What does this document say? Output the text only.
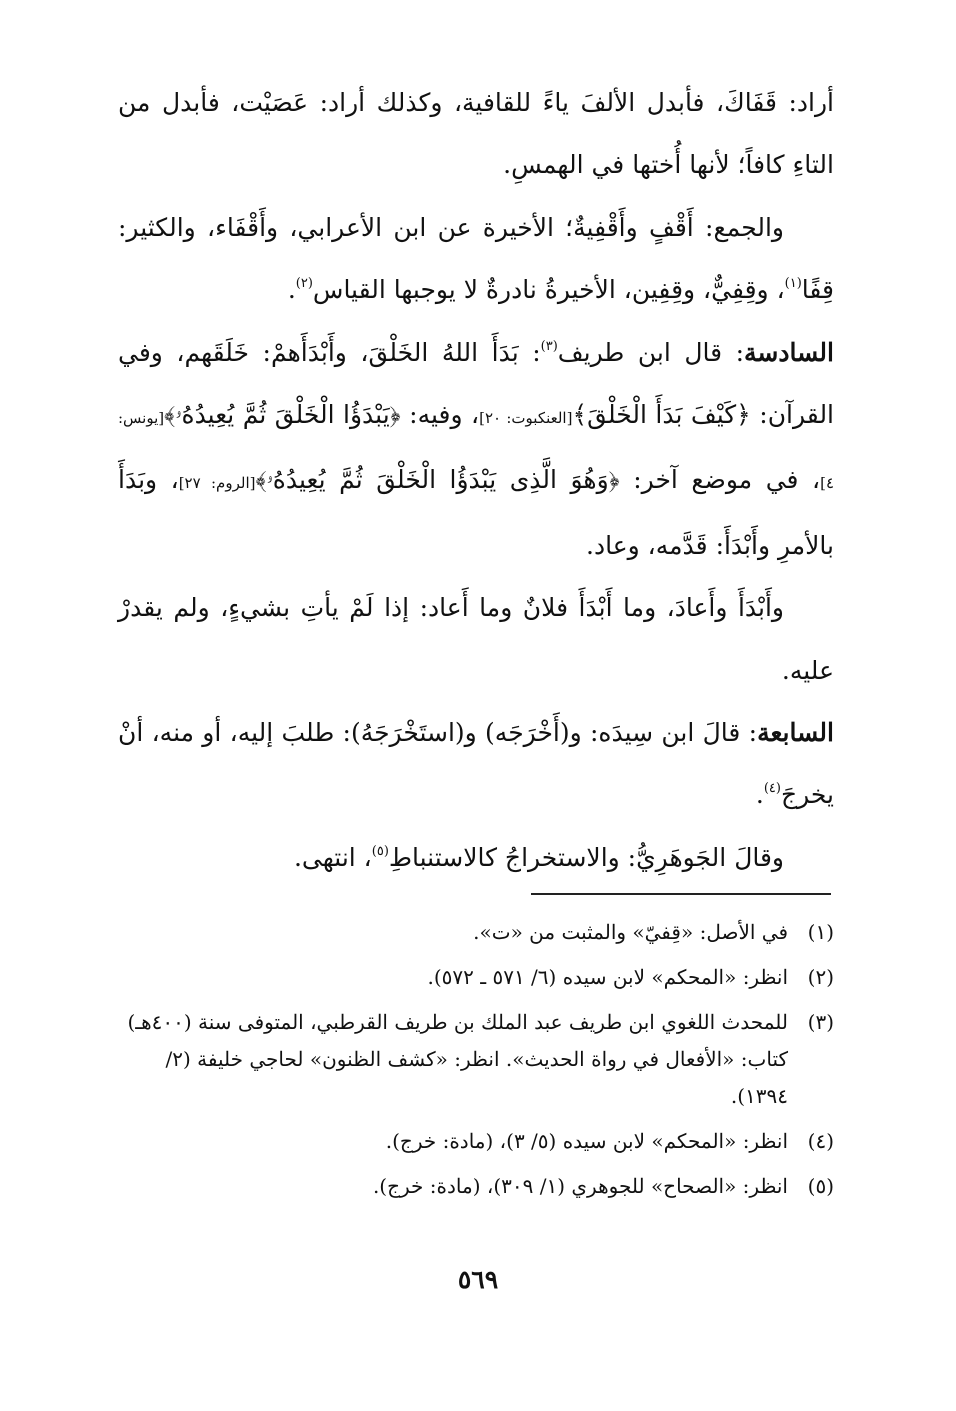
أراد: قَفَاكَ، فأبدل الألفَ ياءً للقافية، وكذلك أراد: عَصَيْت، فأبدل من التاءِ كافاً؛ لأنها أُختها في الهمسِ.

والجمع: أَقْفٍ وأَقْفِيةٌ؛ الأخيرة عن ابن الأعرابي، وأَقْفَاء، والكثير: قِفًا$^{(١)}$، وقِفِيٌّ، وقِفِين، الأخيرةُ نادرةٌ لا يوجبها القياس$^{(٢)}$.

السادسة: قال ابن طريف$^{(٣)}$: بَدَأَ اللهُ الخَلْقَ، وأَبْدَأَهمْ: خَلَقَهم، وفي القرآن: ﴿كَيْفَ بَدَأَ الْخَلْقَ﴾[العنكبوت: ٢٠]، وفيه: ﴿يَبْدَؤُا الْخَلْقَ ثُمَّ يُعِيدُهُۥ﴾[يونس: ٤]، في موضع آخر: ﴿وَهُوَ الَّذِى يَبْدَؤُا الْخَلْقَ ثُمَّ يُعِيدُهُۥ﴾[الروم: ٢٧]، وبَدَأَ بالأمرِ وأَبْدَأَ: قَدَّمه، وعاد.

وأَبْدَأَ وأَعادَ، وما أَبْدَأَ فلانٌ وما أَعاد: إذا لَمْ يأتِ بشيءٍ، ولم يقدرْ عليه.

السابعة: قالَ ابن سِيدَه: و(أَخْرَجَه) و(استَخْرَجَهُ): طلبَ إليه، أو منه، أنْ يخرجَ$^{(٤)}$.

وقالَ الجَوهَرِيُّ: والاستخراجُ كالاستنباطِ$^{(٥)}$، انتهى.

(١)
في الأصل: «قِفيّ» والمثبت من «ت».
(٢)
انظر: «المحكم» لابن سيده (٦/ ٥٧١ ـ ٥٧٢).
(٣)
للمحدث اللغوي ابن طريف عبد الملك بن طريف القرطبي، المتوفى سنة (٤٠٠هـ) كتاب: «الأفعال في رواة الحديث». انظر: «كشف الظنون» لحاجي خليفة (٢/ ١٣٩٤).
(٤)
انظر: «المحكم» لابن سيده (٥/ ٣)، (مادة: خرج).
(٥)
انظر: «الصحاح» للجوهري (١/ ٣٠٩)، (مادة: خرج).
٥٦٩
